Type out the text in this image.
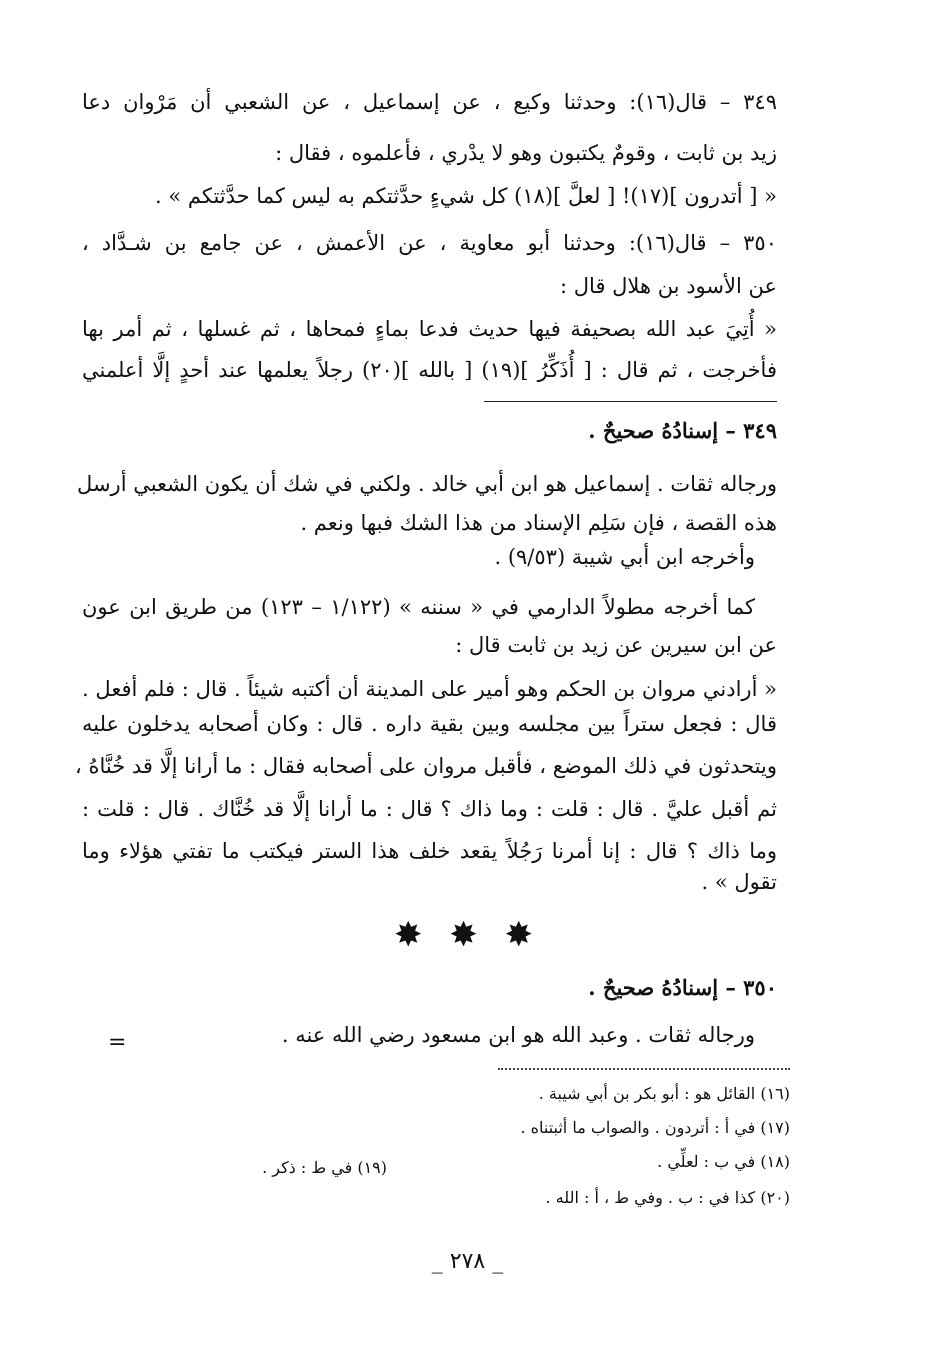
٣٤٩ – قال(١٦): وحدثنا وكيع ، عن إسماعيل ، عن الشعبي أن مَرْوان دعا
زيد بن ثابت ، وقومٌ يكتبون وهو لا يدْري ، فأعلموه ، فقال :
« [ أتدرون ](١٧)! [ لعلَّ ](١٨) كل شيءٍ حدَّثتكم به ليس كما حدَّثتكم » .
٣٥٠ – قال(١٦): وحدثنا أبو معاوية ، عن الأعمش ، عن جامع بن شـدَّاد ،
عن الأسود بن هلال قال :
« أُتِيَ عبد الله بصحيفة فيها حديث فدعا بماءٍ فمحاها ، ثم غسلها ، ثم أمر بها
فأخرجت ، ثم قال : [ أُذَكِّرُ ](١٩) [ بالله ](٢٠) رجلاً يعلمها عند أحدٍ إلَّا أعلمني
٣٤٩ – إسنادُهُ صحيحٌ .
ورجاله ثقات . إسماعيل هو ابن أبي خالد . ولكني في شك أن يكون الشعبي أرسل
هذه القصة ، فإن سَلِم الإسناد من هذا الشك فبها ونعم .
وأخرجه ابن أبي شيبة (٩/٥٣) .
كما أخرجه مطولاً الدارمي في « سننه » (١/١٢٢ – ١٢٣) من طريق ابن عون
عن ابن سيرين عن زيد بن ثابت قال :
« أرادني مروان بن الحكم وهو أمير على المدينة أن أكتبه شيئاً . قال : فلم أفعل .
قال : فجعل ستراً بين مجلسه وبين بقية داره . قال : وكان أصحابه يدخلون عليه
ويتحدثون في ذلك الموضع ، فأقبل مروان على أصحابه فقال : ما أرانا إلَّا قد خُنَّاهُ ،
ثم أقبل عليَّ . قال : قلت : وما ذاك ؟ قال : ما أرانا إلَّا قد خُنَّاك . قال : قلت :
وما ذاك ؟ قال : إنا أمرنا رَجُلاً يقعد خلف هذا الستر فيكتب ما تفتي هؤلاء وما
تقول » .
✸ ✸ ✸
٣٥٠ – إسنادُهُ صحيحٌ .
ورجاله ثقات . وعبد الله هو ابن مسعود رضي الله عنه .
=
(١٦) القائل هو : أبو بكر بن أبي شيبة .
(١٧) في أ : أتردون . والصواب ما أثبتناه .
(١٨) في ب : لعلِّي .
(١٩) في ط : ذكر .
(٢٠) كذا في : ب . وفي ط ، أ : الله .
_ ٢٧٨ _
